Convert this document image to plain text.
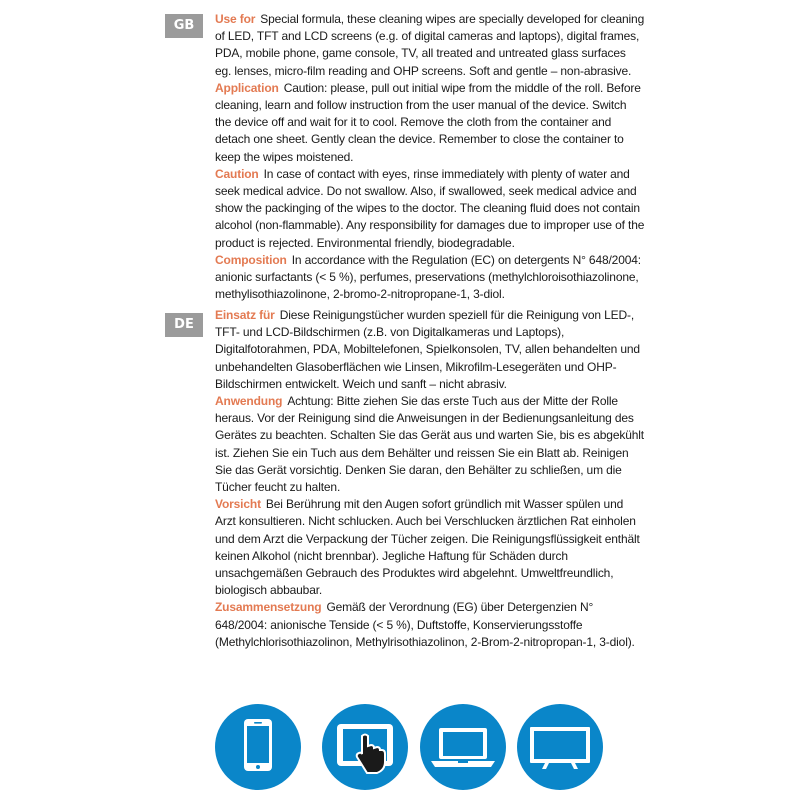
GB	Use for Special formula, these cleaning wipes are specially developed for cleaning of LED, TFT and LCD screens (e.g. of digital cameras and laptops), digital frames, PDA, mobile phone, game console, TV, all treated and untreated glass surfaces eg. lenses, micro-film reading and OHP screens. Soft and gentle – non-abrasive.
Application Caution: please, pull out initial wipe from the middle of the roll. Before cleaning, learn and follow instruction from the user manual of the device. Switch the device off and wait for it to cool. Remove the cloth from the container and detach one sheet. Gently clean the device. Remember to close the container to keep the wipes moistened.
Caution In case of contact with eyes, rinse immediately with plenty of water and seek medical advice. Do not swallow. Also, if swallowed, seek medical advice and show the packinging of the wipes to the doctor. The cleaning fluid does not contain alcohol (non-flammable). Any responsibility for damages due to improper use of the product is rejected. Environmental friendly, biodegradable.
Composition In accordance with the Regulation (EC) on detergents N° 648/2004: anionic surfactants (< 5 %), perfumes, preservations (methylchloroisothiazolinone, methylisothiazolinone, 2-bromo-2-nitropropane-1, 3-diol.
DE
Einsatz für Diese Reinigungstücher wurden speziell für die Reinigung von LED-, TFT- und LCD-Bildschirmen (z.B. von Digitalkameras und Laptops), Digitalfotorahmen, PDA, Mobiltelefonen, Spielkonsolen, TV, allen behandelten und unbehandelten Glasoberflächen wie Linsen, Mikrofilm-Lesegeräten und OHP-Bildschirmen entwickelt. Weich und sanft – nicht abrasiv.
Anwendung Achtung: Bitte ziehen Sie das erste Tuch aus der Mitte der Rolle heraus. Vor der Reinigung sind die Anweisungen in der Bedienungsanleitung des Gerätes zu beachten. Schalten Sie das Gerät aus und warten Sie, bis es abgekühlt ist. Ziehen Sie ein Tuch aus dem Behälter und reissen Sie ein Blatt ab. Reinigen Sie das Gerät vorsichtig. Denken Sie daran, den Behälter zu schließen, um die Tücher feucht zu halten.
Vorsicht Bei Berührung mit den Augen sofort gründlich mit Wasser spülen und Arzt konsultieren. Nicht schlucken. Auch bei Verschlucken ärztlichen Rat einholen und dem Arzt die Verpackung der Tücher zeigen. Die Reinigungsflüssigkeit enthält keinen Alkohol (nicht brennbar). Jegliche Haftung für Schäden durch unsachgemäßen Gebrauch des Produktes wird abgelehnt. Umweltfreundlich, biologisch abbaubar.
Zusammensetzung Gemäß der Verordnung (EG) über Detergenzien N° 648/2004: anionische Tenside (< 5 %), Duftstoffe, Konservierungsstoffe (Methylchlorisothiazolinon, Methylrisothiazolinon, 2-Brom-2-nitropropan-1, 3-diol).
